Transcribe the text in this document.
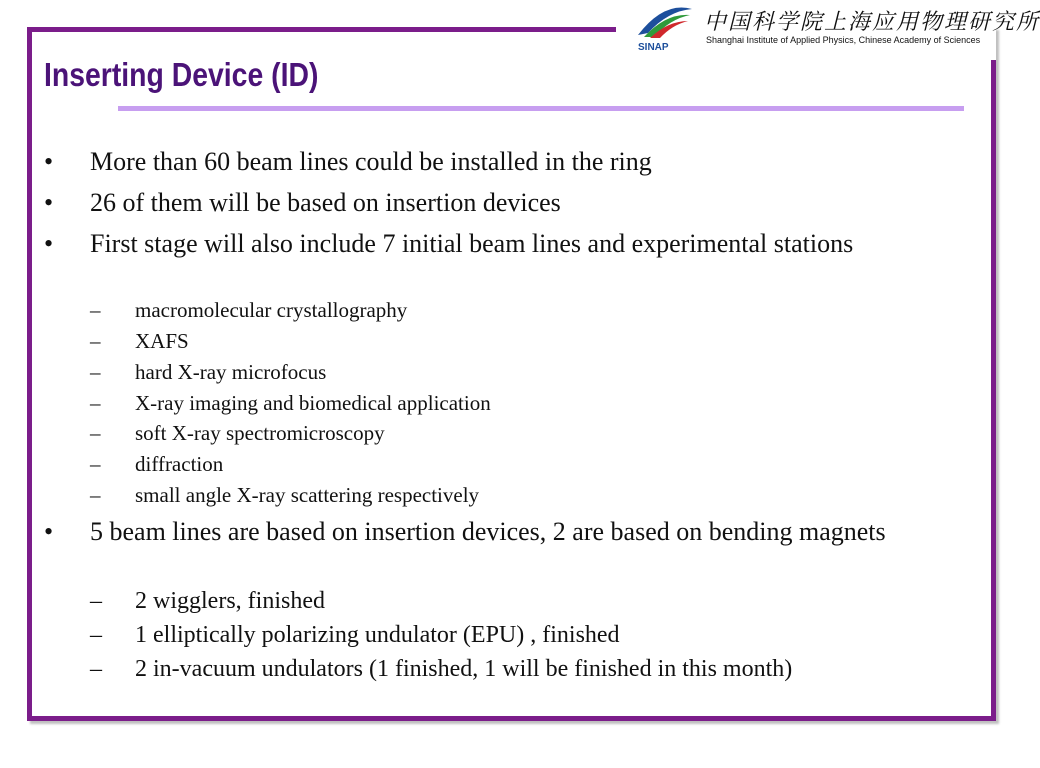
SINAP
中国科学院上海应用物理研究所
Shanghai Institute of Applied Physics, Chinese Academy of Sciences
Inserting Device (ID)
• More than 60 beam lines could be installed in the ring
• 26 of them will be based on insertion devices
• First stage will also include 7 initial beam lines and experimental stations
– macromolecular crystallography
– XAFS
– hard X-ray microfocus
– X-ray imaging and biomedical application
– soft X-ray spectromicroscopy
– diffraction
– small angle X-ray scattering respectively
• 5 beam lines are based on insertion devices, 2 are based on bending magnets
– 2 wigglers, finished
– 1 elliptically polarizing undulator (EPU) , finished
– 2 in-vacuum undulators (1 finished, 1 will be finished in this month)
